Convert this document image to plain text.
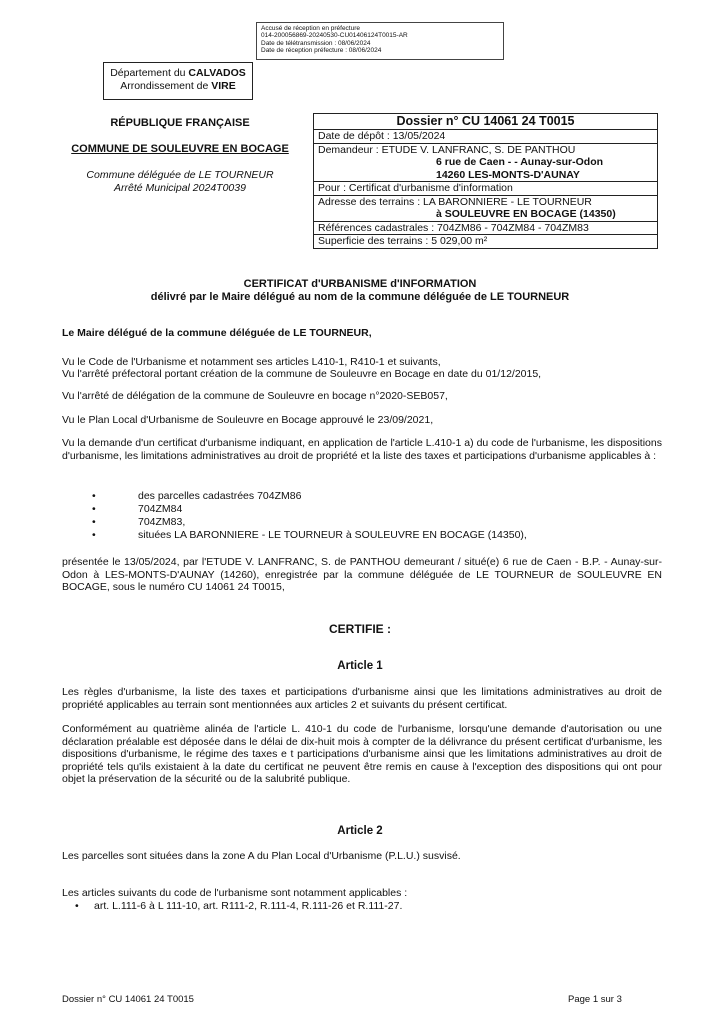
Accusé de réception en préfecture
014-200056869-20240530-CU01406124T0015-AR
Date de télétransmission : 08/06/2024
Date de réception préfecture : 08/06/2024
Département du CALVADOS
Arrondissement de VIRE
RÉPUBLIQUE FRANÇAISE
COMMUNE DE SOULEUVRE EN BOCAGE
Commune déléguée de LE TOURNEUR
Arrêté Municipal 2024T0039
Dossier n° CU 14061 24 T0015
Date de dépôt : 13/05/2024
Demandeur : ETUDE V. LANFRANC, S. DE PANTHOU
6 rue de Caen - - Aunay-sur-Odon
14260 LES-MONTS-D'AUNAY
Pour : Certificat d'urbanisme d'information
Adresse des terrains : LA BARONNIERE - LE TOURNEUR
à SOULEUVRE EN BOCAGE (14350)
Références cadastrales : 704ZM86 - 704ZM84 - 704ZM83
Superficie des terrains : 5 029,00 m²
CERTIFICAT d'URBANISME d'INFORMATION
délivré par le Maire délégué au nom de la commune déléguée de LE TOURNEUR
Le Maire délégué de la commune déléguée de LE TOURNEUR,
Vu le Code de l'Urbanisme et notamment ses articles L410-1, R410-1 et suivants,
Vu l'arrêté préfectoral portant création de la commune de Souleuvre en Bocage en date du 01/12/2015,
Vu l'arrêté de délégation de la commune de Souleuvre en bocage n°2020-SEB057,
Vu le Plan Local d'Urbanisme de Souleuvre en Bocage approuvé le 23/09/2021,
Vu la demande d'un certificat d'urbanisme indiquant, en application de l'article L.410-1 a) du code de l'urbanisme, les dispositions d'urbanisme, les limitations administratives au droit de propriété et la liste des taxes et participations d'urbanisme applicables à :
•	des parcelles cadastrées 704ZM86
•	704ZM84
•	704ZM83,
•	situées LA BARONNIERE - LE TOURNEUR à SOULEUVRE EN BOCAGE (14350),
présentée le 13/05/2024, par l'ETUDE V. LANFRANC, S. de PANTHOU demeurant / situé(e) 6 rue de Caen - B.P. - Aunay-sur-Odon à LES-MONTS-D'AUNAY (14260), enregistrée par la commune déléguée de LE TOURNEUR de SOULEUVRE EN BOCAGE, sous le numéro CU 14061 24 T0015,
CERTIFIE :
Article 1
Les règles d'urbanisme, la liste des taxes et participations d'urbanisme ainsi que les limitations administratives au droit de propriété applicables au terrain sont mentionnées aux articles 2 et suivants du présent certificat.
Conformément au quatrième alinéa de l'article L. 410-1 du code de l'urbanisme, lorsqu'une demande d'autorisation ou une déclaration préalable est déposée dans le délai de dix-huit mois à compter de la délivrance du présent certificat d'urbanisme, les dispositions d'urbanisme, le régime des taxes e t participations d'urbanisme ainsi que les limitations administratives au droit de propriété tels qu'ils existaient à la date du certificat ne peuvent être remis en cause à l'exception des dispositions qui ont pour objet la préservation de la sécurité ou de la salubrité publique.
Article 2
Les parcelles sont situées dans la zone A du Plan Local d'Urbanisme (P.L.U.) susvisé.
Les articles suivants du code de l'urbanisme sont notamment applicables :
• art. L.111-6 à L 111-10, art. R111-2, R.111-4, R.111-26 et R.111-27.
Dossier n° CU 14061 24 T0015	Page 1 sur 3
